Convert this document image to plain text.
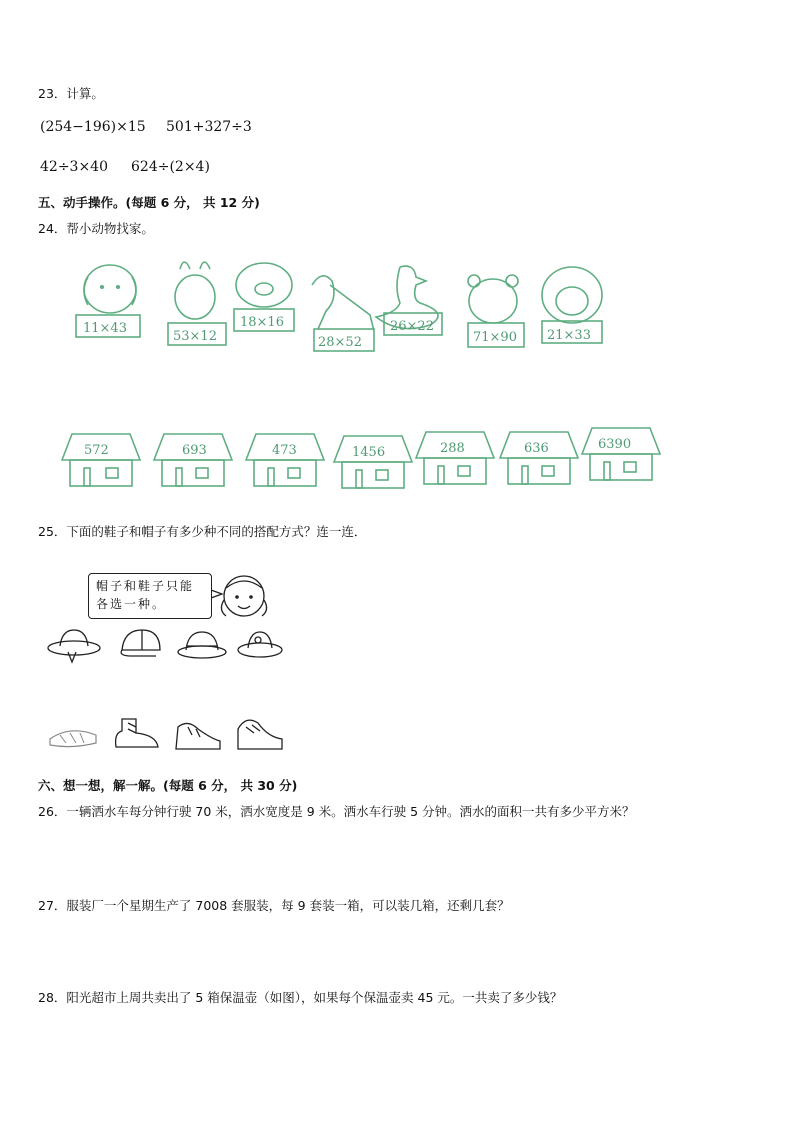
23．计算。
(254−196)×15 501+327÷3
42÷3×40 624÷(2×4)
五、动手操作。(每题 6 分， 共 12 分)
24．帮小动物找家。
11×43
53×12
18×16
28×52
26×22
71×90 21×33
572	693	473	1456	288	636	6390
25．下面的鞋子和帽子有多少种不同的搭配方式？连一连．
帽子和鞋子只能
各选一种。
六、想一想，解一解。(每题 6 分， 共 30 分)
26．一辆洒水车每分钟行驶 70 米，洒水宽度是 9 米。洒水车行驶 5 分钟。洒水的面积一共有多少平方米？
27．服装厂一个星期生产了 7008 套服装，每 9 套装一箱，可以装几箱，还剩几套？
28．阳光超市上周共卖出了 5 箱保温壶（如图），如果每个保温壶卖 45 元。一共卖了多少钱？
